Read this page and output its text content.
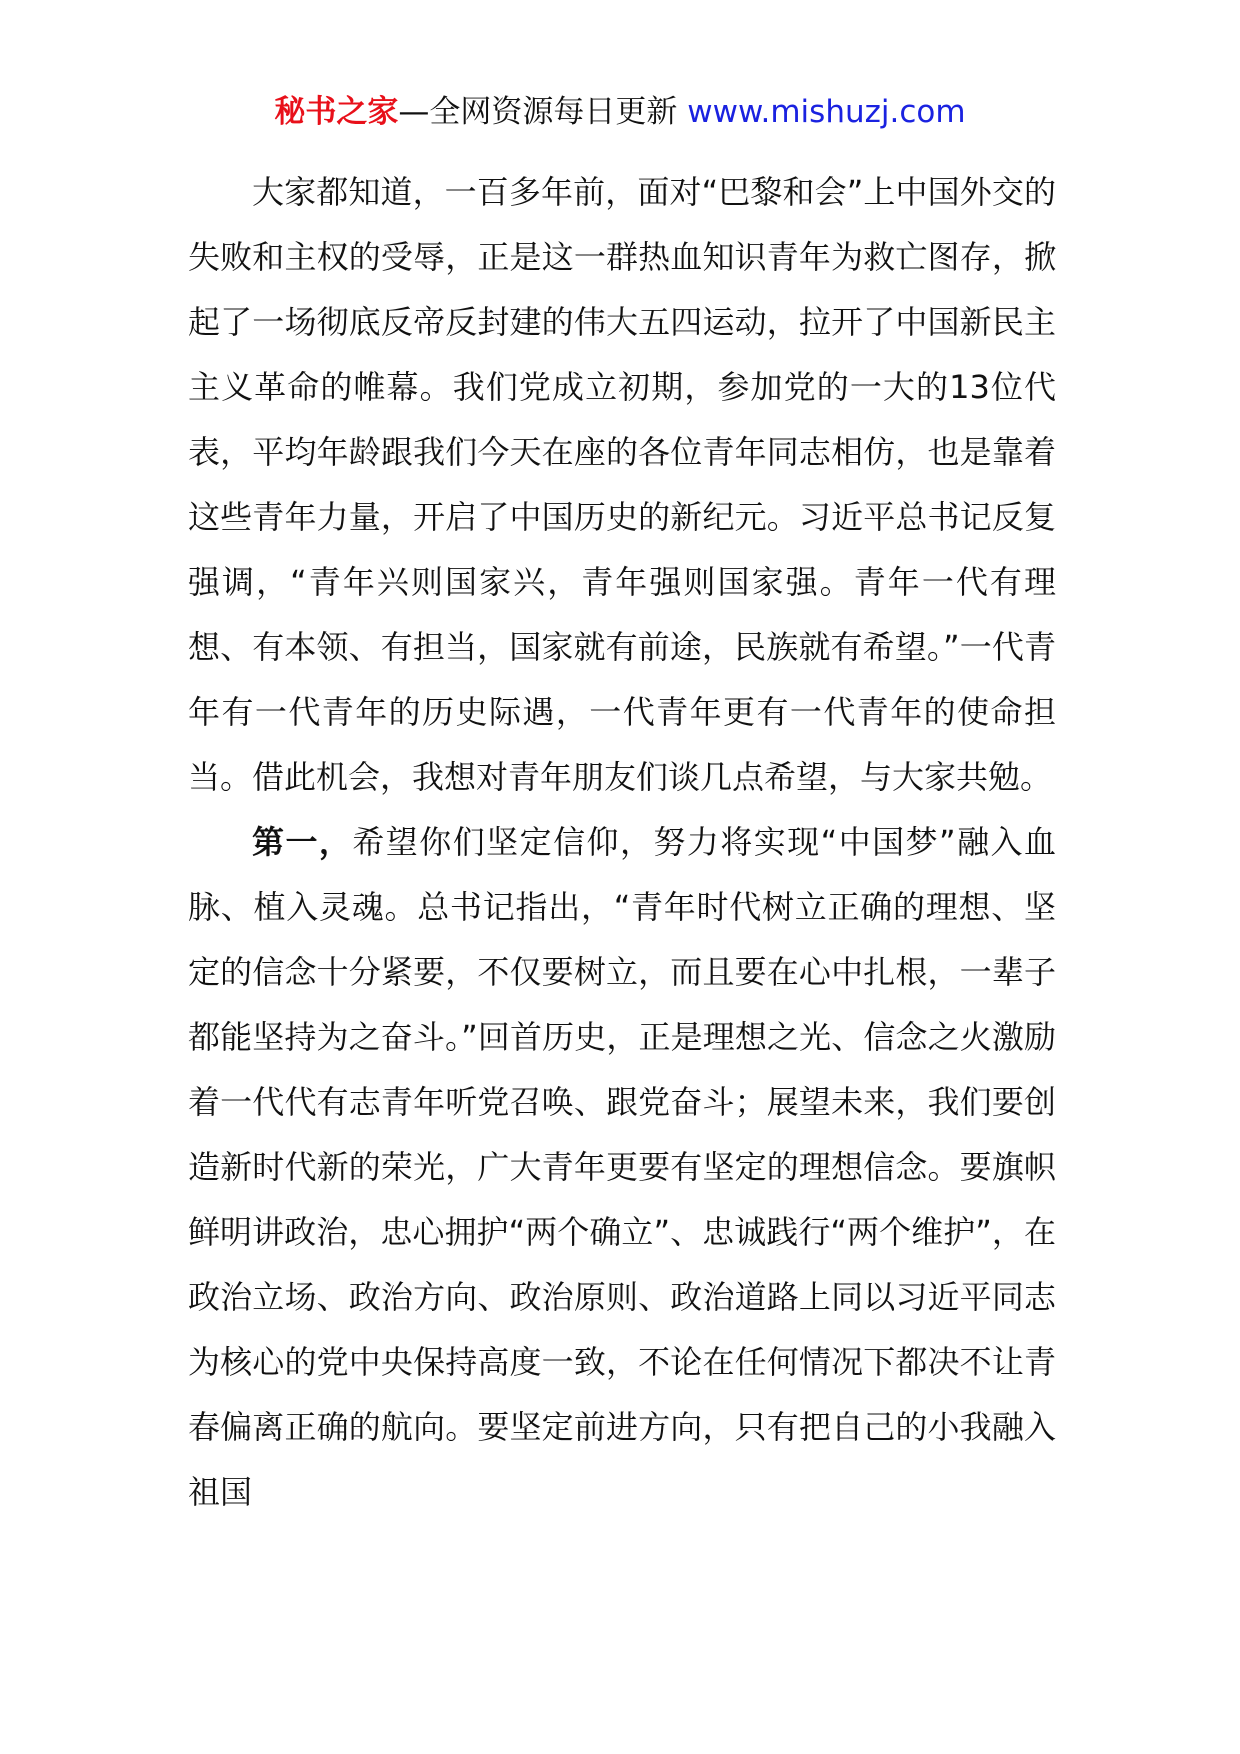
秘书之家—全网资源每日更新 www.mishuzj.com

大家都知道，一百多年前，面对“巴黎和会”上中国外交的失败和主权的受辱，正是这一群热血知识青年为救亡图存，掀起了一场彻底反帝反封建的伟大五四运动，拉开了中国新民主主义革命的帷幕。我们党成立初期，参加党的一大的13位代表，平均年龄跟我们今天在座的各位青年同志相仿，也是靠着这些青年力量，开启了中国历史的新纪元。习近平总书记反复强调，“青年兴则国家兴，青年强则国家强。青年一代有理想、有本领、有担当，国家就有前途，民族就有希望。”一代青年有一代青年的历史际遇，一代青年更有一代青年的使命担当。借此机会，我想对青年朋友们谈几点希望，与大家共勉。

第一，希望你们坚定信仰，努力将实现“中国梦”融入血脉、植入灵魂。总书记指出，“青年时代树立正确的理想、坚定的信念十分紧要，不仅要树立，而且要在心中扎根，一辈子都能坚持为之奋斗。”回首历史，正是理想之光、信念之火激励着一代代有志青年听党召唤、跟党奋斗；展望未来，我们要创造新时代新的荣光，广大青年更要有坚定的理想信念。要旗帜鲜明讲政治，忠心拥护“两个确立”、忠诚践行“两个维护”，在政治立场、政治方向、政治原则、政治道路上同以习近平同志为核心的党中央保持高度一致，不论在任何情况下都决不让青春偏离正确的航向。要坚定前进方向，只有把自己的小我融入祖国
